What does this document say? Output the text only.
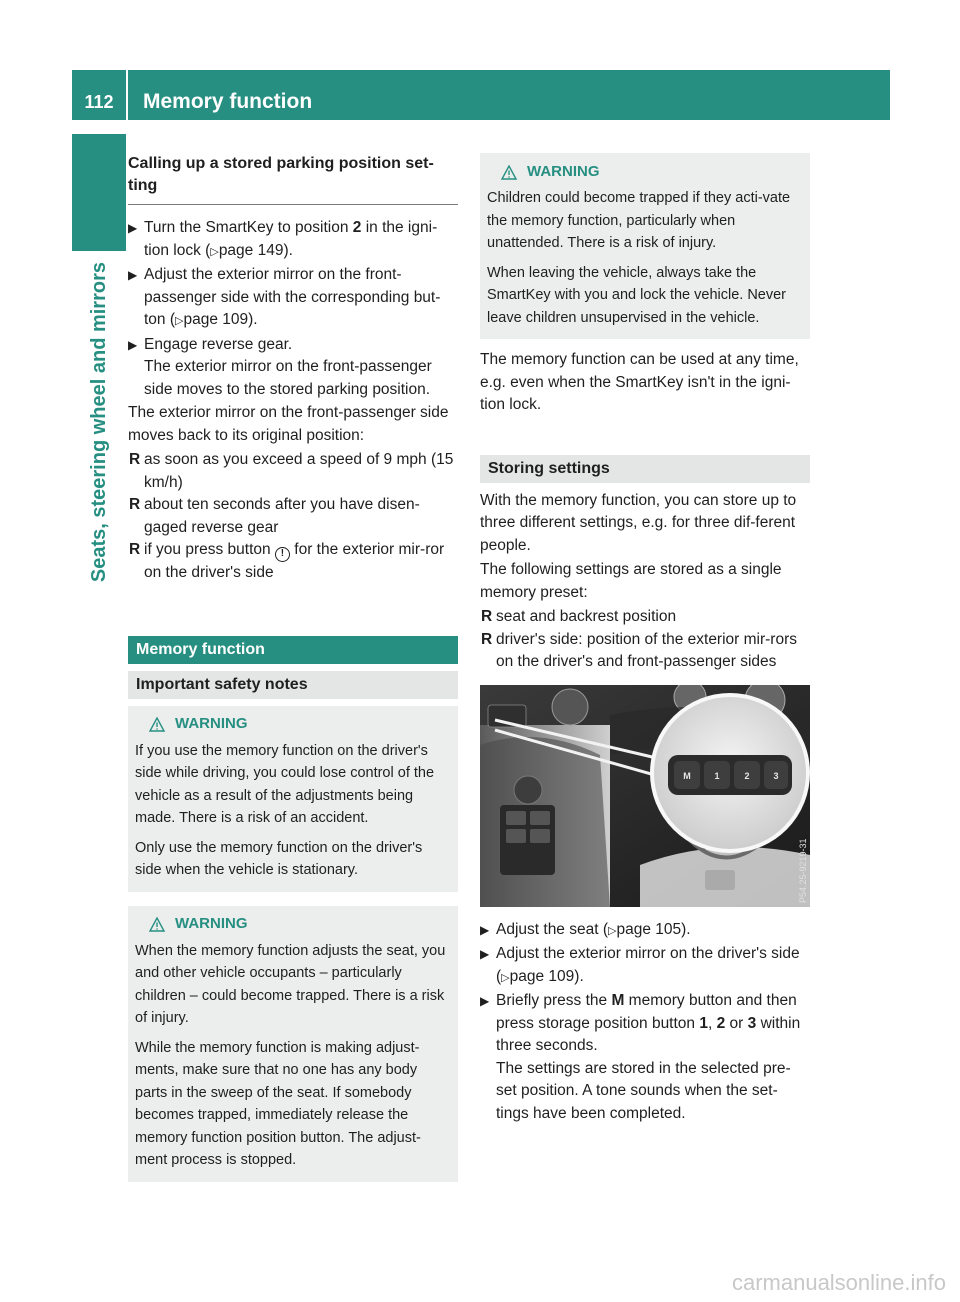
112	Memory function
Seats, steering wheel and mirrors
Calling up a stored parking position set-ting
▶ Turn the SmartKey to position 2 in the igni-tion lock (▷page 149).
▶ Adjust the exterior mirror on the front-passenger side with the corresponding but-ton (▷page 109).
▶ Engage reverse gear.
The exterior mirror on the front-passenger side moves to the stored parking position.
The exterior mirror on the front-passenger side moves back to its original position:
R as soon as you exceed a speed of 9 mph (15 km/h)
R about ten seconds after you have disen-gaged reverse gear
R if you press button ! for the exterior mir-ror on the driver's side
Memory function
Important safety notes
WARNING

If you use the memory function on the driver's side while driving, you could lose control of the vehicle as a result of the adjustments being made. There is a risk of an accident.

Only use the memory function on the driver's side when the vehicle is stationary.

WARNING

When the memory function adjusts the seat, you and other vehicle occupants – particularly children – could become trapped. There is a risk of injury.

While the memory function is making adjust-ments, make sure that no one has any body parts in the sweep of the seat. If somebody becomes trapped, immediately release the memory function position button. The adjust-ment process is stopped.

WARNING

Children could become trapped if they acti-vate the memory function, particularly when unattended. There is a risk of injury.

When leaving the vehicle, always take the SmartKey with you and lock the vehicle. Never leave children unsupervised in the vehicle.

The memory function can be used at any time, e.g. even when the SmartKey isn't in the igni-tion lock.
Storing settings
With the memory function, you can store up to three different settings, e.g. for three dif-ferent people.
The following settings are stored as a single memory preset:
R seat and backrest position
R driver's side: position of the exterior mir-rors on the driver's and front-passenger sides
M	1	2	3
P54.25-9219-31
▶ Adjust the seat (▷page 105).
▶ Adjust the exterior mirror on the driver's side (▷page 109).
▶ Briefly press the M memory button and then press storage position button 1, 2 or 3 within three seconds.
The settings are stored in the selected pre-set position. A tone sounds when the set-tings have been completed.
carmanualsonline.info
